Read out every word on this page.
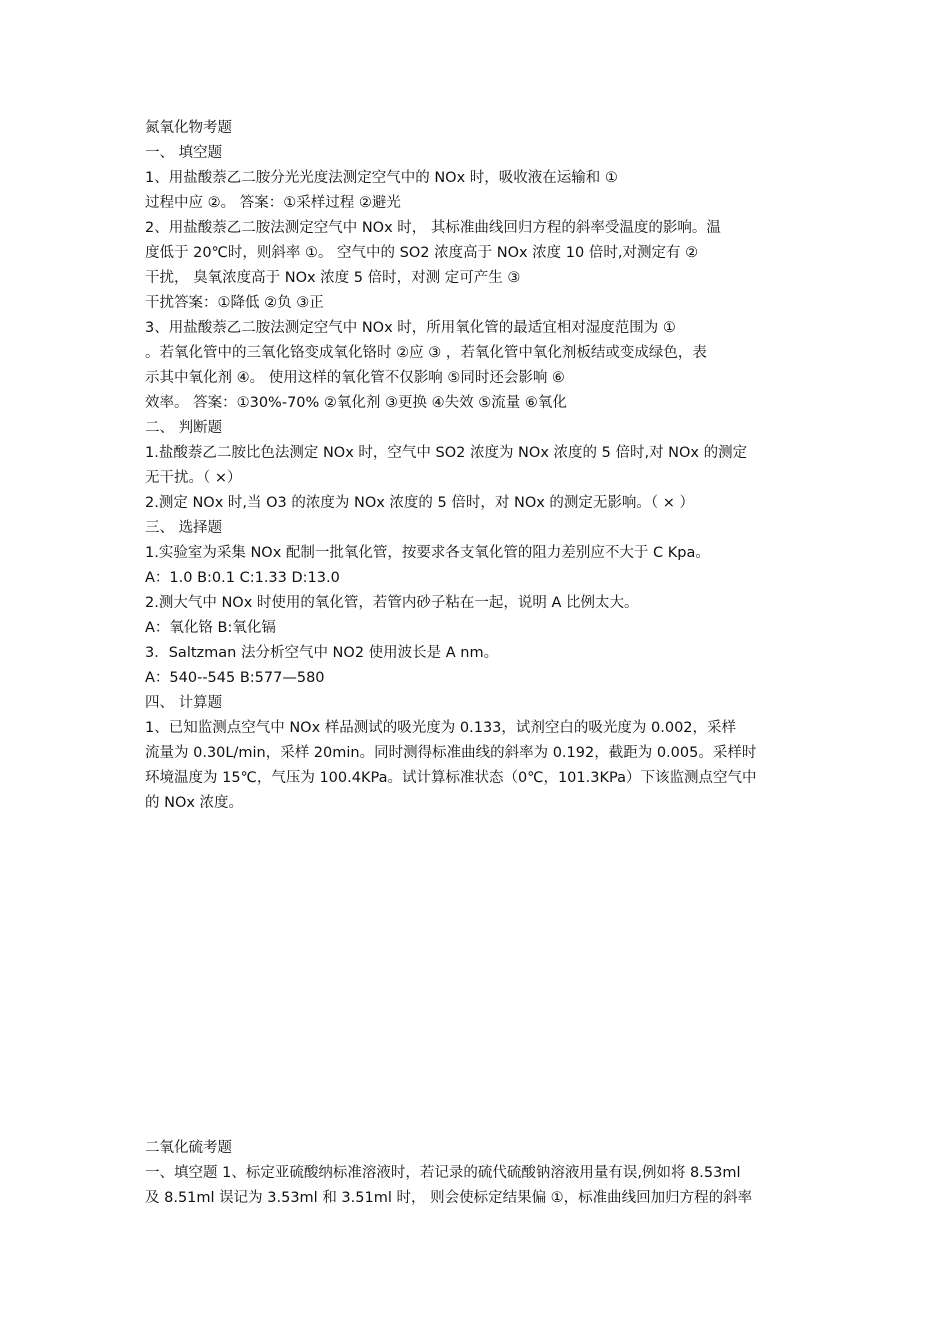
氮氧化物考题
一、 填空题
1、用盐酸萘乙二胺分光光度法测定空气中的 NOx 时，吸收液在运输和 ①
过程中应 ②。 答案：①采样过程 ②避光
2、用盐酸萘乙二胺法测定空气中 NOx 时， 其标准曲线回归方程的斜率受温度的影响。温
度低于 20℃时，则斜率 ①。 空气中的 SO2 浓度高于 NOx 浓度 10 倍时,对测定有 ②
干扰， 臭氧浓度高于 NOx 浓度 5 倍时，对测 定可产生 ③
干扰答案：①降低 ②负 ③正
3、用盐酸萘乙二胺法测定空气中 NOx 时，所用氧化管的最适宜相对湿度范围为 ①
。若氧化管中的三氧化铬变成氧化铬时 ②应 ③ ，若氧化管中氧化剂板结或变成绿色，表
示其中氧化剂 ④。 使用这样的氧化管不仅影响 ⑤同时还会影响 ⑥
效率。 答案：①30%-70% ②氧化剂 ③更换 ④失效 ⑤流量 ⑥氧化
二、 判断题
1.盐酸萘乙二胺比色法测定 NOx 时，空气中 SO2 浓度为 NOx 浓度的 5 倍时,对 NOx 的测定
无干扰。（ ×）
2.测定 NOx 时,当 O3 的浓度为 NOx 浓度的 5 倍时，对 NOx 的测定无影响。（ × ）
三、 选择题
1.实验室为采集 NOx 配制一批氧化管，按要求各支氧化管的阻力差别应不大于 C Kpa。
A：1.0 B:0.1 C:1.33 D:13.0
2.测大气中 NOx 时使用的氧化管，若管内砂子粘在一起，说明 A 比例太大。
A：氧化铬 B:氧化镉
3．Saltzman 法分析空气中 NO2 使用波长是 A nm。
A：540--545 B:577—580
四、 计算题
1、已知监测点空气中 NOx 样品测试的吸光度为 0.133，试剂空白的吸光度为 0.002，采样
流量为 0.30L/min，采样 20min。同时测得标准曲线的斜率为 0.192，截距为 0.005。采样时
环境温度为 15℃，气压为 100.4KPa。试计算标准状态（0℃，101.3KPa）下该监测点空气中
的 NOx 浓度。
二氧化硫考题
一、填空题 1、标定亚硫酸纳标准溶液时，若记录的硫代硫酸钠溶液用量有误,例如将 8.53ml
及 8.51ml 误记为 3.53ml 和 3.51ml 时， 则会使标定结果偏 ①，标准曲线回加归方程的斜率
